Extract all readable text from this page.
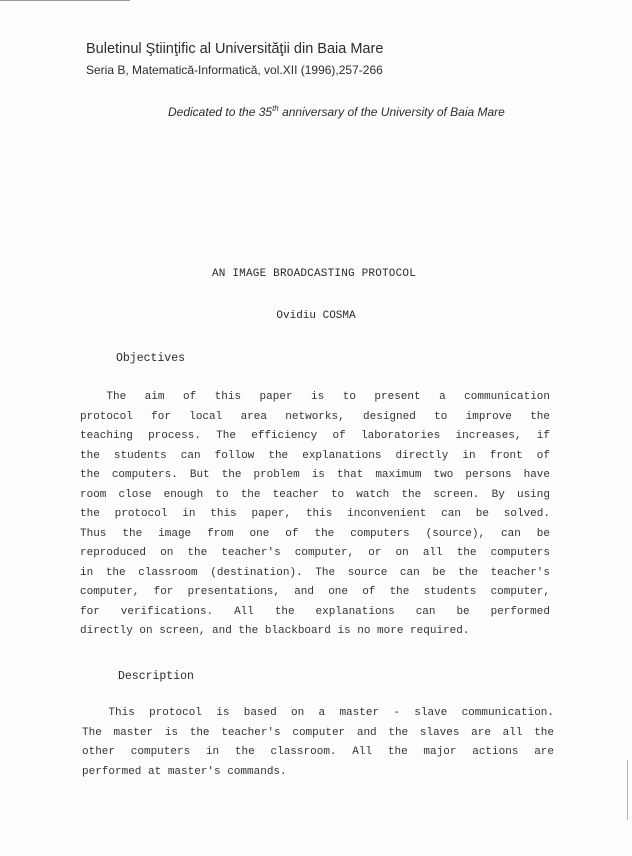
Buletinul Ştiinţific al Universităţii din Baia Mare
Seria B, Matematică-Informatică, vol.XII (1996),257-266
Dedicated to the 35th anniversary of the University of Baia Mare
AN IMAGE BROADCASTING PROTOCOL
Ovidiu COSMA
Objectives
The aim of this paper is to present a communication
protocol for local area networks, designed to improve the
teaching process. The efficiency of laboratories increases, if
the students can follow the explanations directly in front of
the computers. But the problem is that maximum two persons have
room close enough to the teacher to watch the screen. By using
the protocol in this paper, this inconvenient can be solved.
Thus the image from one of the computers (source), can be
reproduced on the teacher's computer, or on all the computers
in the classroom (destination). The source can be the teacher's
computer, for presentations, and one of the students computer,
for verifications. All the explanations can be performed
directly on screen, and the blackboard is no more required.
Description
This protocol is based on a master - slave communication.
The master is the teacher's computer and the slaves are all the
other computers in the classroom. All the major actions are
performed at master's commands.
